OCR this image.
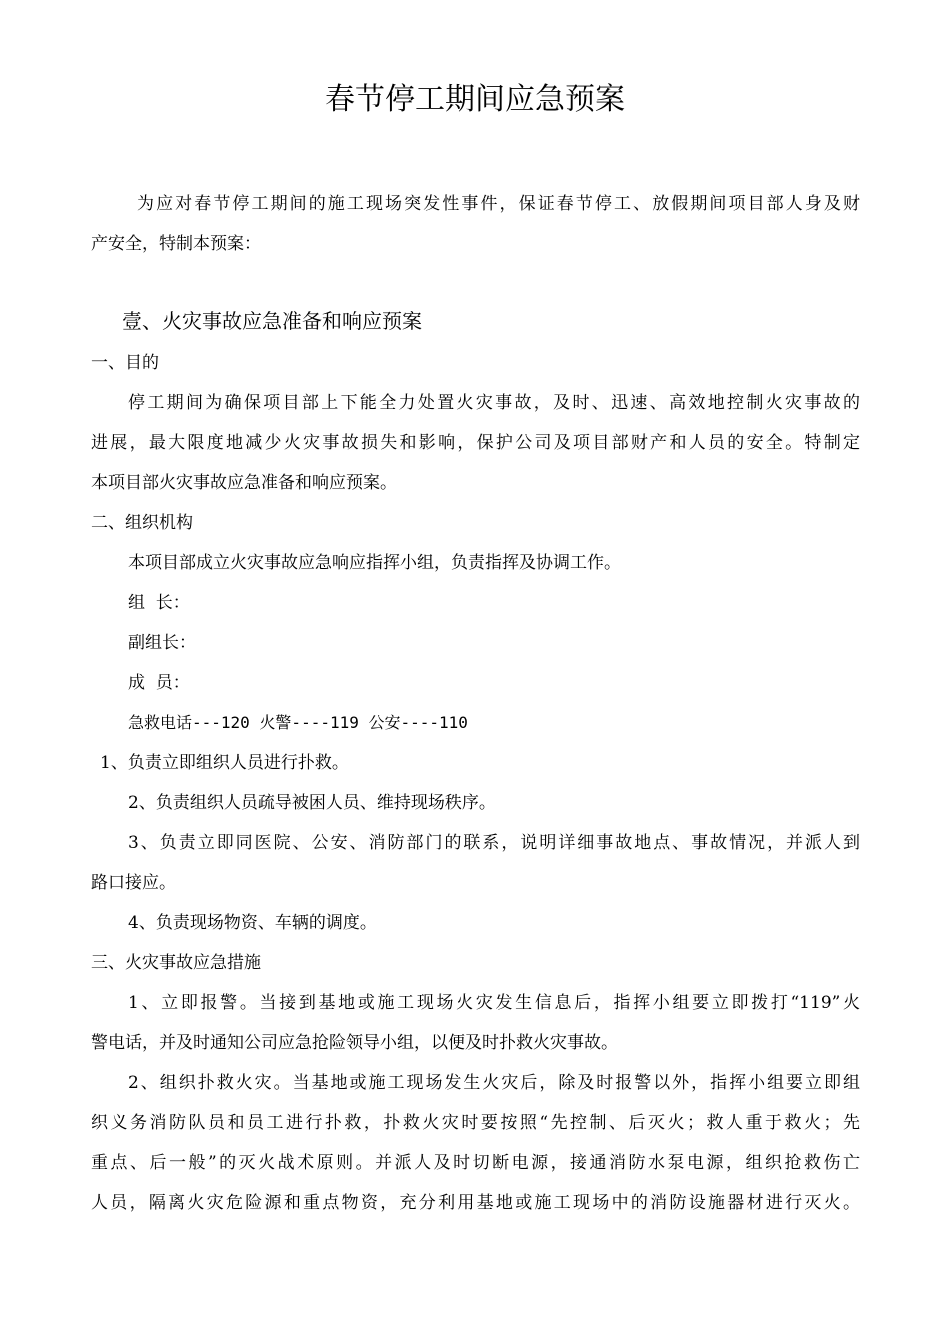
春节停工期间应急预案
为应对春节停工期间的施工现场突发性事件，保证春节停工、放假期间项目部人身及财
产安全，特制本预案：
壹、火灾事故应急准备和响应预案
一、目的
停工期间为确保项目部上下能全力处置火灾事故，及时、迅速、高效地控制火灾事故的
进展，最大限度地减少火灾事故损失和影响，保护公司及项目部财产和人员的安全。特制定
本项目部火灾事故应急准备和响应预案。
二、组织机构
本项目部成立火灾事故应急响应指挥小组，负责指挥及协调工作。
组  长：
副组长：
成  员：
急救电话---120 火警----119 公安----110
1、负责立即组织人员进行扑救。
2、负责组织人员疏导被困人员、维持现场秩序。
3、负责立即同医院、公安、消防部门的联系，说明详细事故地点、事故情况，并派人到
路口接应。
4、负责现场物资、车辆的调度。
三、火灾事故应急措施
1、立即报警。当接到基地或施工现场火灾发生信息后，指挥小组要立即拨打“119”火
警电话，并及时通知公司应急抢险领导小组，以便及时扑救火灾事故。
2、组织扑救火灾。当基地或施工现场发生火灾后，除及时报警以外，指挥小组要立即组
织义务消防队员和员工进行扑救，扑救火灾时要按照“先控制、后灭火；救人重于救火；先
重点、后一般”的灭火战术原则。并派人及时切断电源，接通消防水泵电源，组织抢救伤亡
人员，隔离火灾危险源和重点物资，充分利用基地或施工现场中的消防设施器材进行灭火。
